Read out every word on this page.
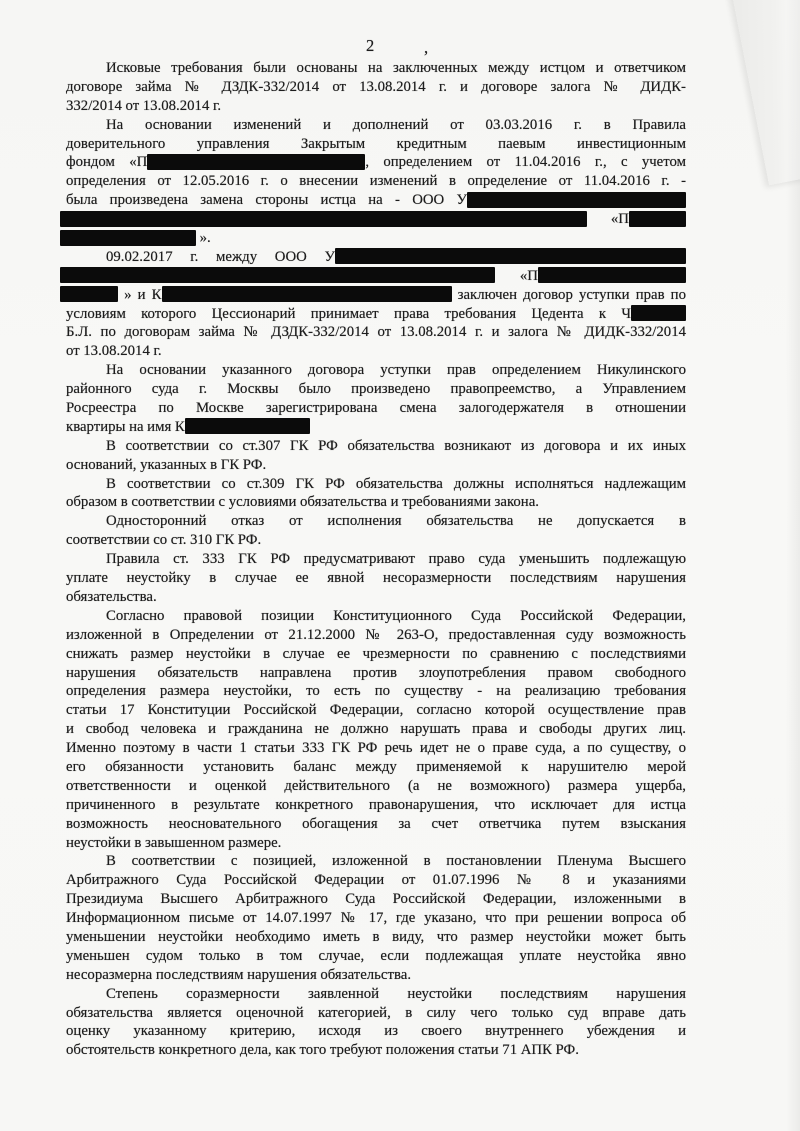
2	,
Исковые требования были основаны на заключенных между истцом и ответчиком
договоре займа № ДЗДК-332/2014 от 13.08.2014 г. и договоре залога № ДИДК-
332/2014 от 13.08.2014 г.
На основании изменений и дополнений от 03.03.2016 г. в Правила
доверительного управления Закрытым кредитным паевым инвестиционным
фондом «П	, определением от 11.04.2016 г., с учетом
определения от 12.05.2016 г. о внесении изменений в определение от 11.04.2016 г. -
была произведена замена стороны истца на - ООО У
«П
».
09.02.2017 г. между ООО У
«П
» и К	заключен договор уступки прав по
условиям которого Цессионарий принимает права требования Цедента к Ч
Б.Л. по договорам займа № ДЗДК-332/2014 от 13.08.2014 г. и залога № ДИДК-332/2014
от 13.08.2014 г.
На основании указанного договора уступки прав определением Никулинского
районного суда г. Москвы было произведено правопреемство, а Управлением
Росреестра по Москве зарегистрирована смена залогодержателя в отношении
квартиры на имя К
В соответствии со ст.307 ГК РФ обязательства возникают из договора и их иных
оснований, указанных в ГК РФ.
В соответствии со ст.309 ГК РФ обязательства должны исполняться надлежащим
образом в соответствии с условиями обязательства и требованиями закона.
Односторонний отказ от исполнения обязательства не допускается в
соответствии со ст. 310 ГК РФ.
Правила ст. 333 ГК РФ предусматривают право суда уменьшить подлежащую
уплате неустойку в случае ее явной несоразмерности последствиям нарушения
обязательства.
Согласно правовой позиции Конституционного Суда Российской Федерации,
изложенной в Определении от 21.12.2000 № 263-О, предоставленная суду возможность
снижать размер неустойки в случае ее чрезмерности по сравнению с последствиями
нарушения обязательств направлена против злоупотребления правом свободного
определения размера неустойки, то есть по существу - на реализацию требования
статьи 17 Конституции Российской Федерации, согласно которой осуществление прав
и свобод человека и гражданина не должно нарушать права и свободы других лиц.
Именно поэтому в части 1 статьи 333 ГК РФ речь идет не о праве суда, а по существу, о
его обязанности установить баланс между применяемой к нарушителю мерой
ответственности и оценкой действительного (а не возможного) размера ущерба,
причиненного в результате конкретного правонарушения, что исключает для истца
возможность неосновательного обогащения за счет ответчика путем взыскания
неустойки в завышенном размере.
В соответствии с позицией, изложенной в постановлении Пленума Высшего
Арбитражного Суда Российской Федерации от 01.07.1996 № 8 и указаниями
Президиума Высшего Арбитражного Суда Российской Федерации, изложенными в
Информационном письме от 14.07.1997 № 17, где указано, что при решении вопроса об
уменьшении неустойки необходимо иметь в виду, что размер неустойки может быть
уменьшен судом только в том случае, если подлежащая уплате неустойка явно
несоразмерна последствиям нарушения обязательства.
Степень соразмерности заявленной неустойки последствиям нарушения
обязательства является оценочной категорией, в силу чего только суд вправе дать
оценку указанному критерию, исходя из своего внутреннего убеждения и
обстоятельств конкретного дела, как того требуют положения статьи 71 АПК РФ.
